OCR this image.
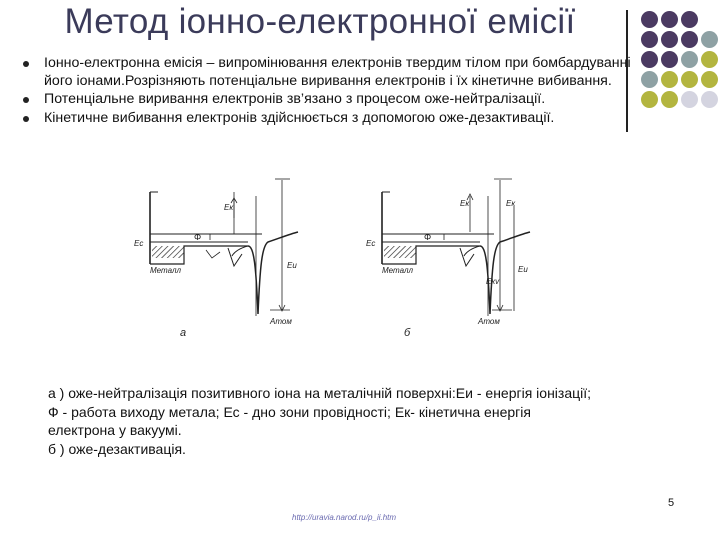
Метод іонно-електронної емісії
Іонно-електронна емісія – випромінювання електронів твердим тілом при бомбардуванні його іонами.Розрізняють потенціальне виривання електронів і їх кінетичне вибивання.
Потенціальне виривання електронів зв’язано з процесом оже-нейтралізації.
Кінетичне вибивання електронів здійснюється з допомогою оже-дезактивації.
Eк
Ec
Φ
Eи
Металл
Атом
а
Eк	Eк
Ec
Φ
Eи
Eкv
Металл
Атом
б

а ) оже-нейтралізація позитивного іона на металічній поверхні:Еи - енергія іонізації;

Ф - работа виходу метала; Ес - дно зони провідності; Ек- кінетична енергія

електрона у вакуумі.

б ) оже-дезактивація.

5
http://uravia.narod.ru/p_ii.htm
